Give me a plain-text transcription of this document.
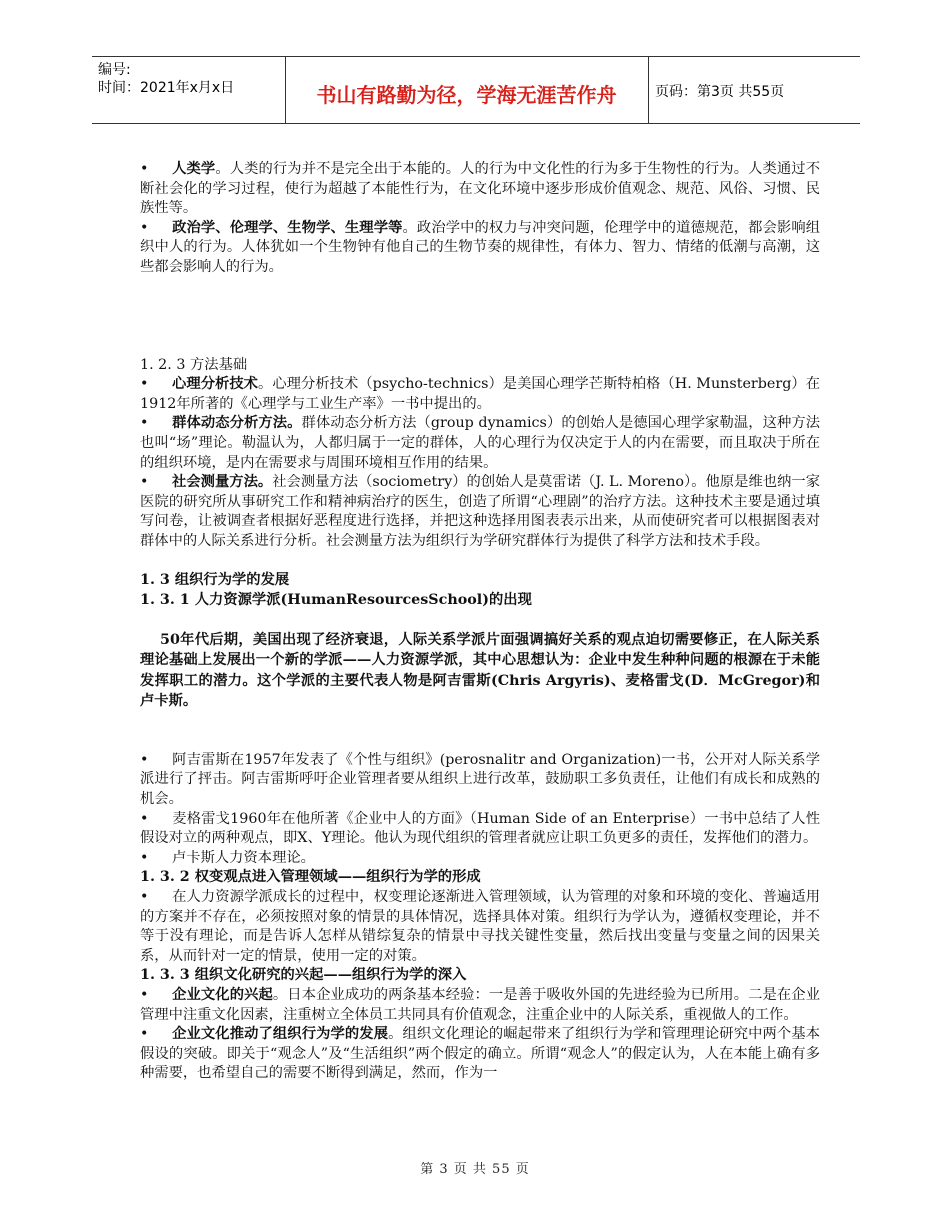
编号:
时间：2021年x月x日	书山有路勤为径，学海无涯苦作舟	页码：第3页 共55页

• 人类学。人类的行为并不是完全出于本能的。人的行为中文化性的行为多于生物性的行为。人类通过不断社会化的学习过程，使行为超越了本能性行为，在文化环境中逐步形成价值观念、规范、风俗、习惯、民族性等。

• 政治学、伦理学、生物学、生理学等。政治学中的权力与冲突问题，伦理学中的道德规范，都会影响组织中人的行为。人体犹如一个生物钟有他自己的生物节奏的规律性，有体力、智力、情绪的低潮与高潮，这些都会影响人的行为。

1. 2. 3 方法基础

• 心理分析技术。心理分析技术（psycho-technics）是美国心理学芒斯特柏格（H. Munsterberg）在1912年所著的《心理学与工业生产率》一书中提出的。

• 群体动态分析方法。群体动态分析方法（group dynamics）的创始人是德国心理学家勒温，这种方法也叫“场”理论。勒温认为，人都归属于一定的群体，人的心理行为仅决定于人的内在需要，而且取决于所在的组织环境，是内在需要求与周围环境相互作用的结果。

• 社会测量方法。社会测量方法（sociometry）的创始人是莫雷诺（J. L. Moreno）。他原是维也纳一家医院的研究所从事研究工作和精神病治疗的医生，创造了所谓“心理剧”的治疗方法。这种技术主要是通过填写问卷，让被调查者根据好恶程度进行选择，并把这种选择用图表表示出来，从而使研究者可以根据图表对群体中的人际关系进行分析。社会测量方法为组织行为学研究群体行为提供了科学方法和技术手段。

1. 3 组织行为学的发展

1. 3. 1 人力资源学派(HumanResourcesSchool)的出现

50年代后期，美国出现了经济衰退，人际关系学派片面强调搞好关系的观点迫切需要修正，在人际关系理论基础上发展出一个新的学派——人力资源学派，其中心思想认为：企业中发生种种问题的根源在于未能发挥职工的潜力。这个学派的主要代表人物是阿吉雷斯(Chris Argyris)、麦格雷戈(D．McGregor)和卢卡斯。

• 阿吉雷斯在1957年发表了《个性与组织》(perosnalitr and Organization)一书，公开对人际关系学派进行了抨击。阿吉雷斯呼吁企业管理者要从组织上进行改革，鼓励职工多负责任，让他们有成长和成熟的机会。

• 麦格雷戈1960年在他所著《企业中人的方面》（Human Side of an Enterprise）一书中总结了人性假设对立的两种观点，即X、Y理论。他认为现代组织的管理者就应让职工负更多的责任，发挥他们的潜力。

• 卢卡斯人力资本理论。

1. 3. 2 权变观点进入管理领域——组织行为学的形成

• 在人力资源学派成长的过程中，权变理论逐渐进入管理领域，认为管理的对象和环境的变化、普遍适用的方案并不存在，必须按照对象的情景的具体情况，选择具体对策。组织行为学认为，遵循权变理论，并不等于没有理论，而是告诉人怎样从错综复杂的情景中寻找关键性变量，然后找出变量与变量之间的因果关系，从而针对一定的情景，使用一定的对策。

1. 3. 3 组织文化研究的兴起——组织行为学的深入

• 企业文化的兴起。日本企业成功的两条基本经验：一是善于吸收外国的先进经验为已所用。二是在企业管理中注重文化因素，注重树立全体员工共同具有价值观念，注重企业中的人际关系，重视做人的工作。

• 企业文化推动了组织行为学的发展。组织文化理论的崛起带来了组织行为学和管理理论研究中两个基本假设的突破。即关于“观念人”及“生活组织”两个假定的确立。所谓“观念人”的假定认为，人在本能上确有多种需要，也希望自己的需要不断得到满足，然而，作为一

第 3 页 共 55 页
